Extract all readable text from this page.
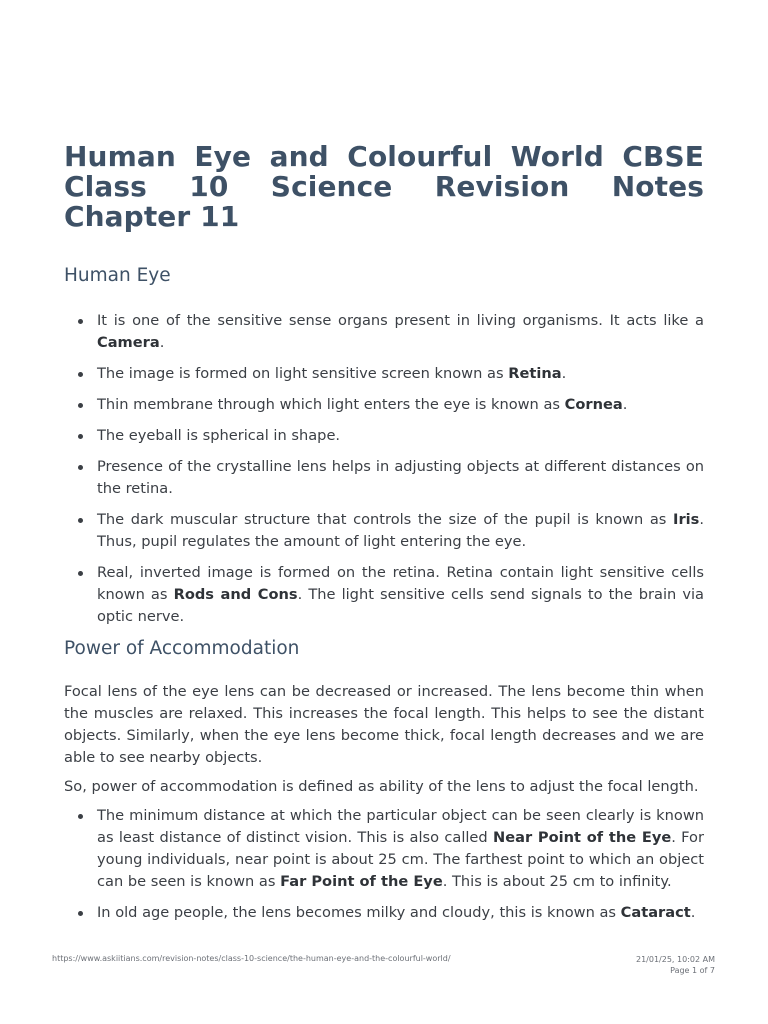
Human Eye and Colourful World CBSE Class 10 Science Revision Notes Chapter 11
Human Eye
It is one of the sensitive sense organs present in living organisms. It acts like a Camera.
The image is formed on light sensitive screen known as Retina.
Thin membrane through which light enters the eye is known as Cornea.
The eyeball is spherical in shape.
Presence of the crystalline lens helps in adjusting objects at different distances on the retina.
The dark muscular structure that controls the size of the pupil is known as Iris. Thus, pupil regulates the amount of light entering the eye.
Real, inverted image is formed on the retina. Retina contain light sensitive cells known as Rods and Cons. The light sensitive cells send signals to the brain via optic nerve.
Power of Accommodation

Focal lens of the eye lens can be decreased or increased. The lens become thin when the muscles are relaxed. This increases the focal length. This helps to see the distant objects. Similarly, when the eye lens become thick, focal length decreases and we are able to see nearby objects.

So, power of accommodation is defined as ability of the lens to adjust the focal length.

The minimum distance at which the particular object can be seen clearly is known as least distance of distinct vision. This is also called Near Point of the Eye. For young individuals, near point is about 25 cm. The farthest point to which an object can be seen is known as Far Point of the Eye. This is about 25 cm to infinity.
In old age people, the lens becomes milky and cloudy, this is known as Cataract.
https://www.askiitians.com/revision-notes/class-10-science/the-human-eye-and-the-colourful-world/	21/01/25, 10:02 AM
Page 1 of 7
